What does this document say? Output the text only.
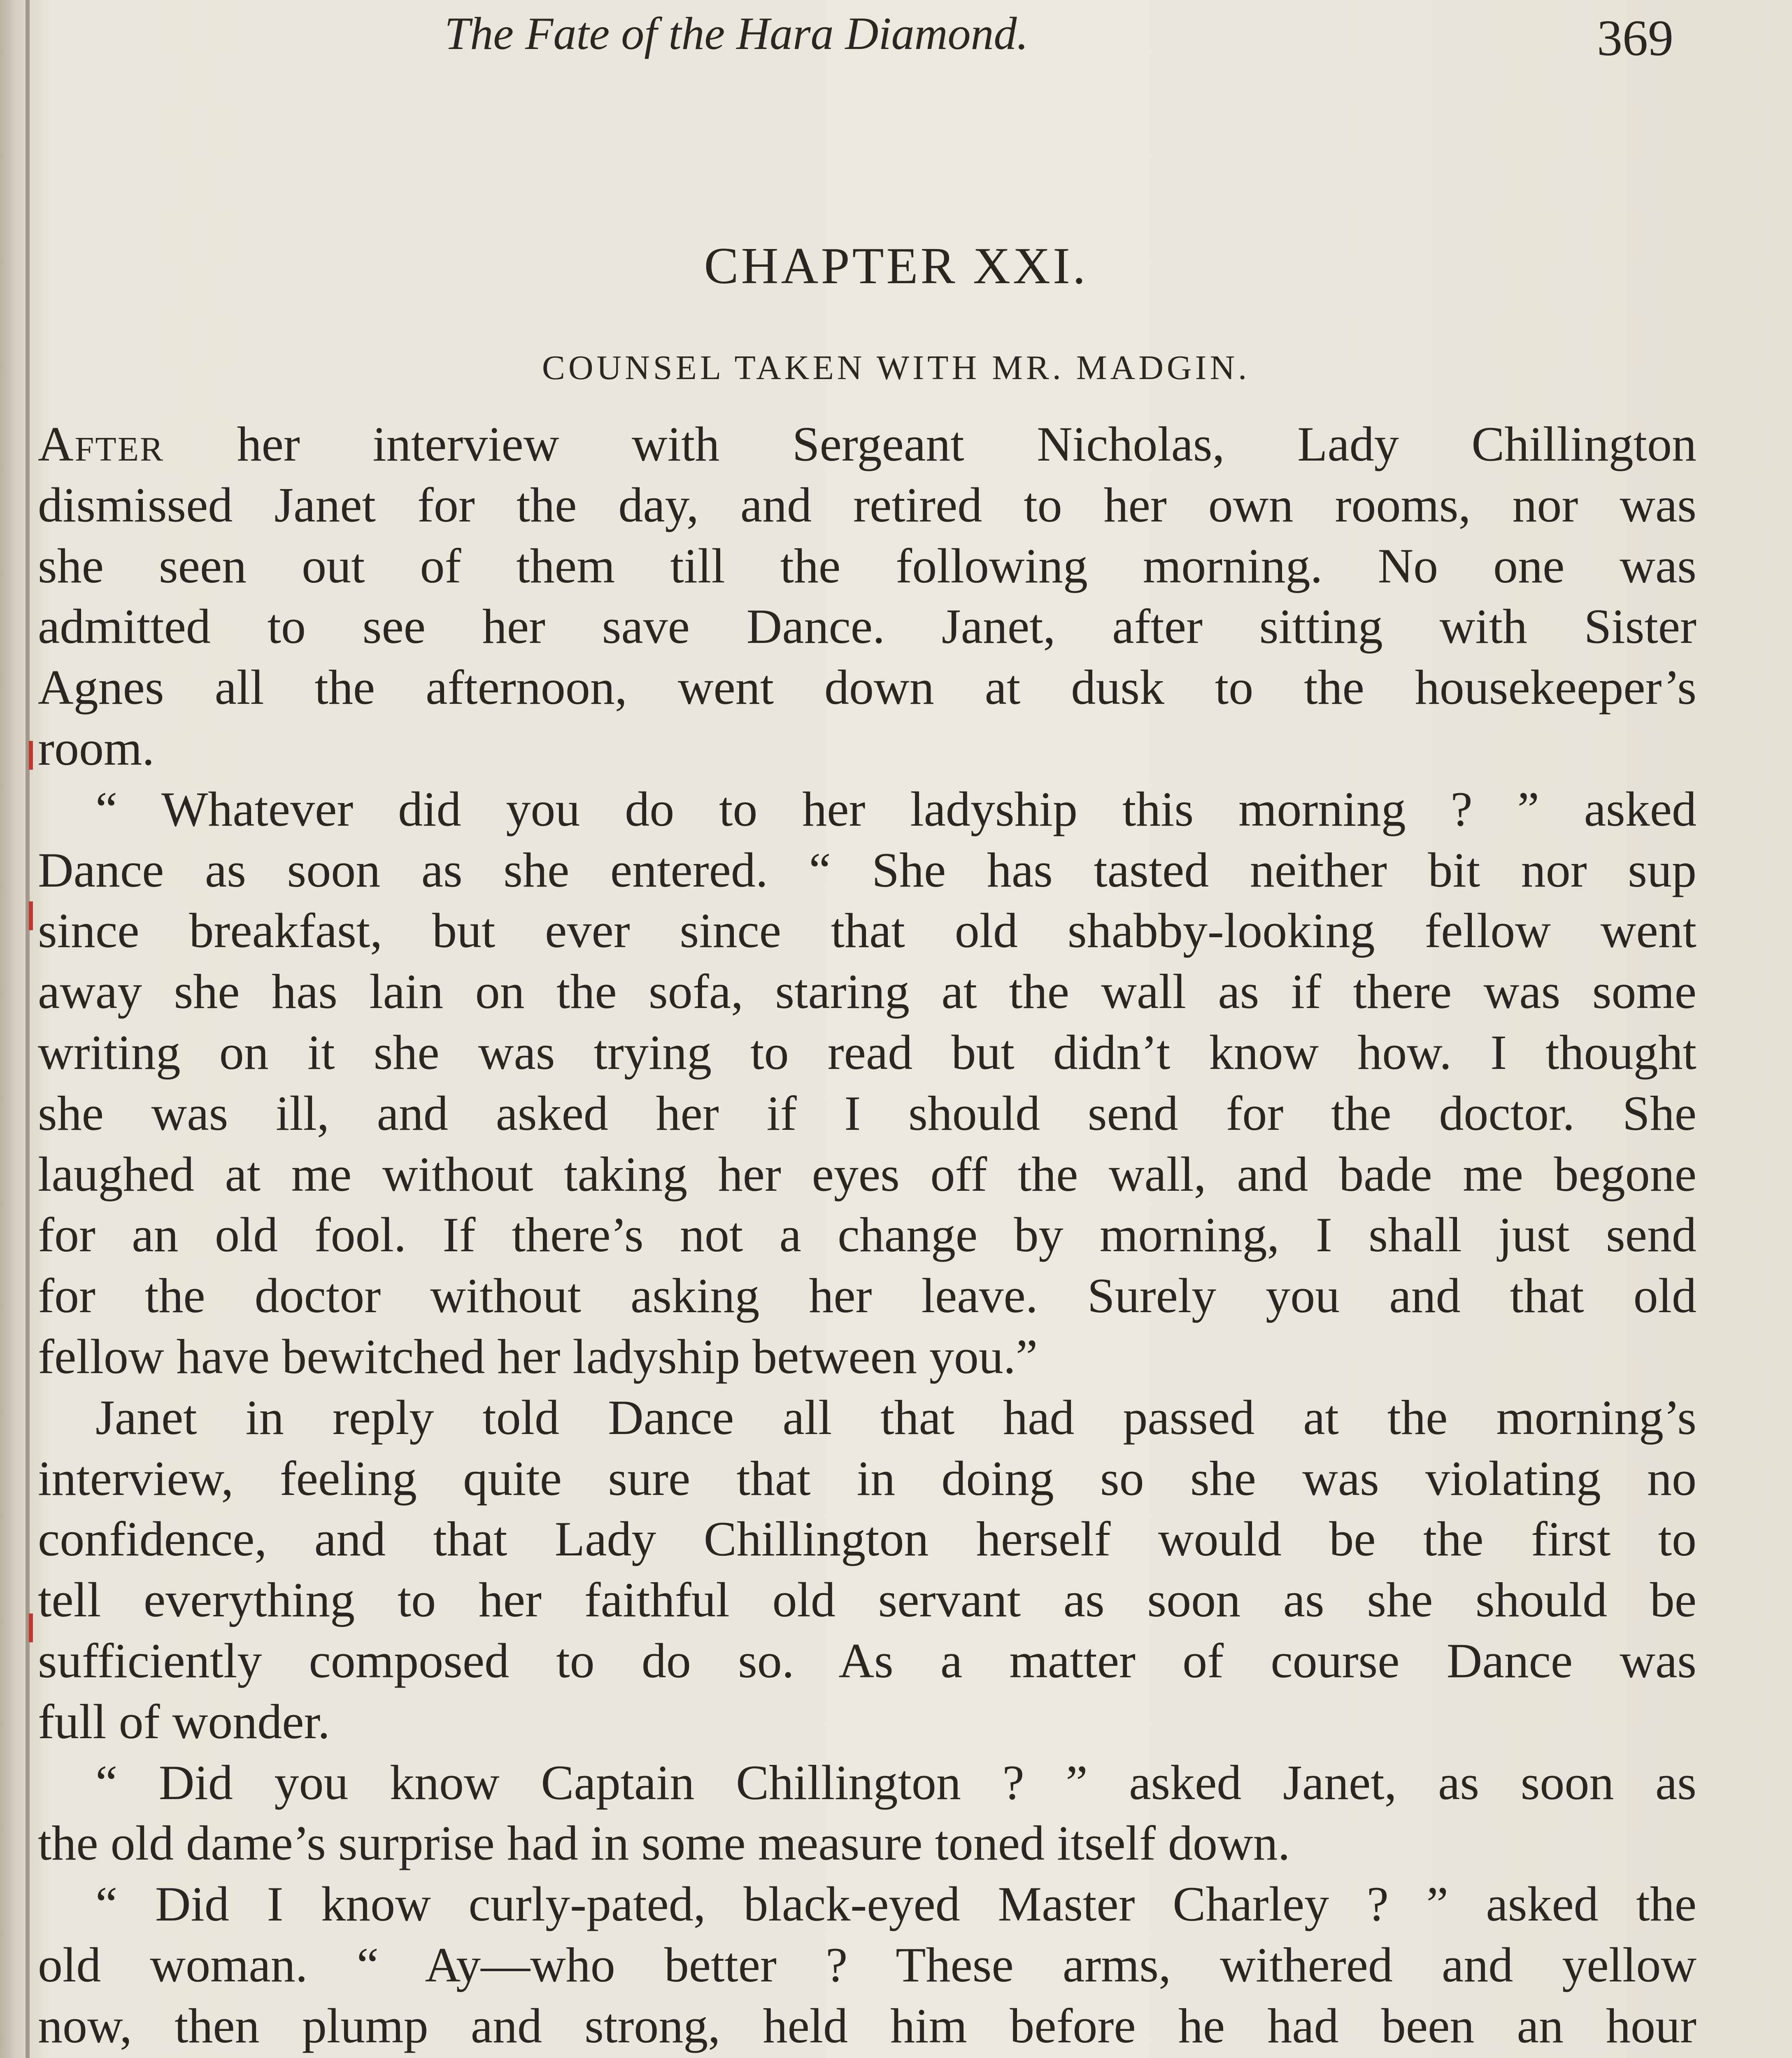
The Fate of the Hara Diamond.	369
CHAPTER XXI.
COUNSEL TAKEN WITH MR. MADGIN.
After her interview with Sergeant Nicholas, Lady Chillington
dismissed Janet for the day, and retired to her own rooms, nor was
she seen out of them till the following morning. No one was
admitted to see her save Dance. Janet, after sitting with Sister
Agnes all the afternoon, went down at dusk to the housekeeper’s
room.
“ Whatever did you do to her ladyship this morning ? ” asked
Dance as soon as she entered. “ She has tasted neither bit nor sup
since breakfast, but ever since that old shabby-looking fellow went
away she has lain on the sofa, staring at the wall as if there was some
writing on it she was trying to read but didn’t know how. I thought
she was ill, and asked her if I should send for the doctor. She
laughed at me without taking her eyes off the wall, and bade me begone
for an old fool. If there’s not a change by morning, I shall just send
for the doctor without asking her leave. Surely you and that old
fellow have bewitched her ladyship between you.”
Janet in reply told Dance all that had passed at the morning’s
interview, feeling quite sure that in doing so she was violating no
confidence, and that Lady Chillington herself would be the first to
tell everything to her faithful old servant as soon as she should be
sufficiently composed to do so. As a matter of course Dance was
full of wonder.
“ Did you know Captain Chillington ? ” asked Janet, as soon as
the old dame’s surprise had in some measure toned itself down.
“ Did I know curly-pated, black-eyed Master Charley ? ” asked the
old woman. “ Ay—who better ? These arms, withered and yellow
now, then plump and strong, held him before he had been an hour
